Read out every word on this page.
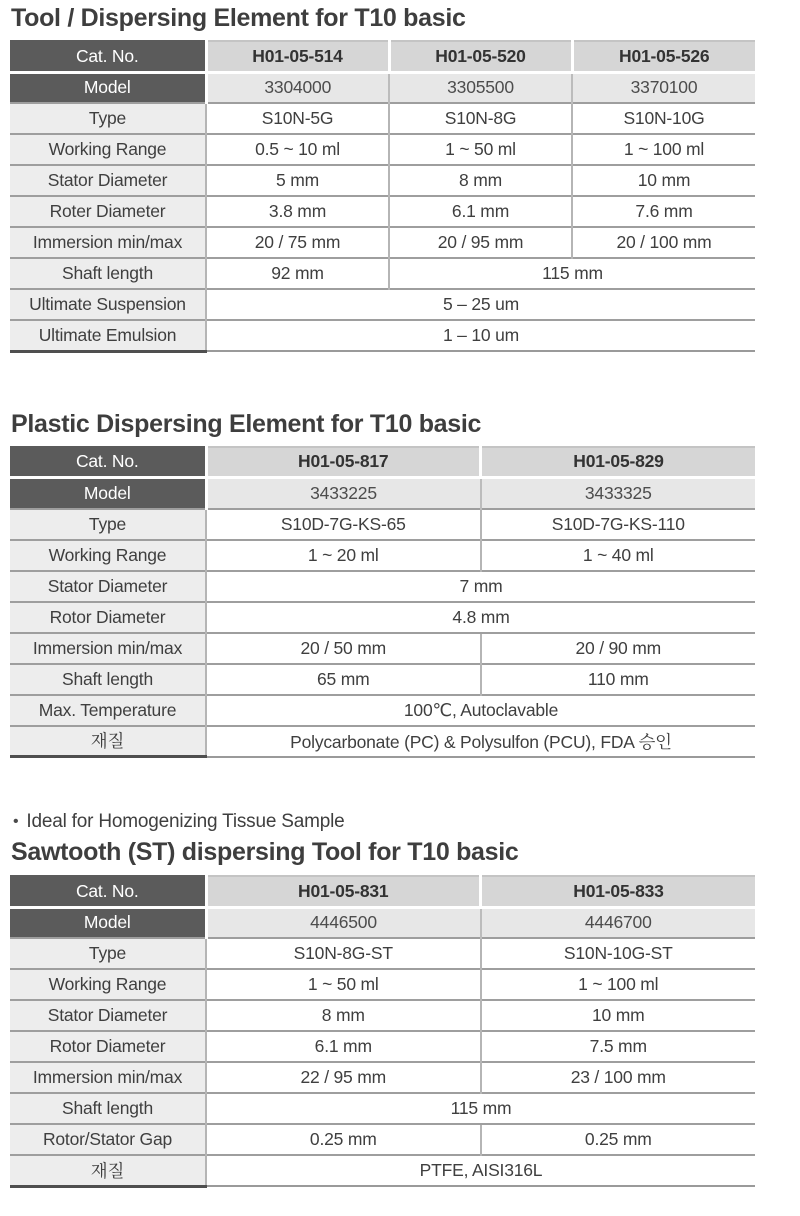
Tool / Dispersing Element for T10 basic
Cat. No.	H01-05-514	H01-05-520	H01-05-526
Model	3304000	3305500	3370100
Type	S10N-5G	S10N-8G	S10N-10G
Working Range	0.5 ~ 10 ml	1 ~ 50 ml	1 ~ 100 ml
Stator Diameter	5 mm	8 mm	10 mm
Roter Diameter	3.8 mm	6.1 mm	7.6 mm
Immersion min/max	20 / 75 mm	20 / 95 mm	20 / 100 mm
Shaft length	92 mm	115 mm	
Ultimate Suspension	5 – 25 um		
Ultimate Emulsion	1 – 10 um		
Plastic Dispersing Element for T10 basic
Cat. No.	H01-05-817	H01-05-829
Model	3433225	3433325
Type	S10D-7G-KS-65	S10D-7G-KS-110
Working Range	1 ~ 20 ml	1 ~ 40 ml
Stator Diameter	7 mm	
Rotor Diameter	4.8 mm	
Immersion min/max	20 / 50 mm	20 / 90 mm
Shaft length	65 mm	110 mm
Max. Temperature	100℃, Autoclavable	
재질	Polycarbonate (PC) & Polysulfon (PCU), FDA 승인	

• Ideal for Homogenizing Tissue Sample

Sawtooth (ST) dispersing Tool for T10 basic
Cat. No.	H01-05-831	H01-05-833
Model	4446500	4446700
Type	S10N-8G-ST	S10N-10G-ST
Working Range	1 ~ 50 ml	1 ~ 100 ml
Stator Diameter	8 mm	10 mm
Rotor Diameter	6.1 mm	7.5 mm
Immersion min/max	22 / 95 mm	23 / 100 mm
Shaft length	115 mm	
Rotor/Stator Gap	0.25 mm	0.25 mm
재질	PTFE, AISI316L	
